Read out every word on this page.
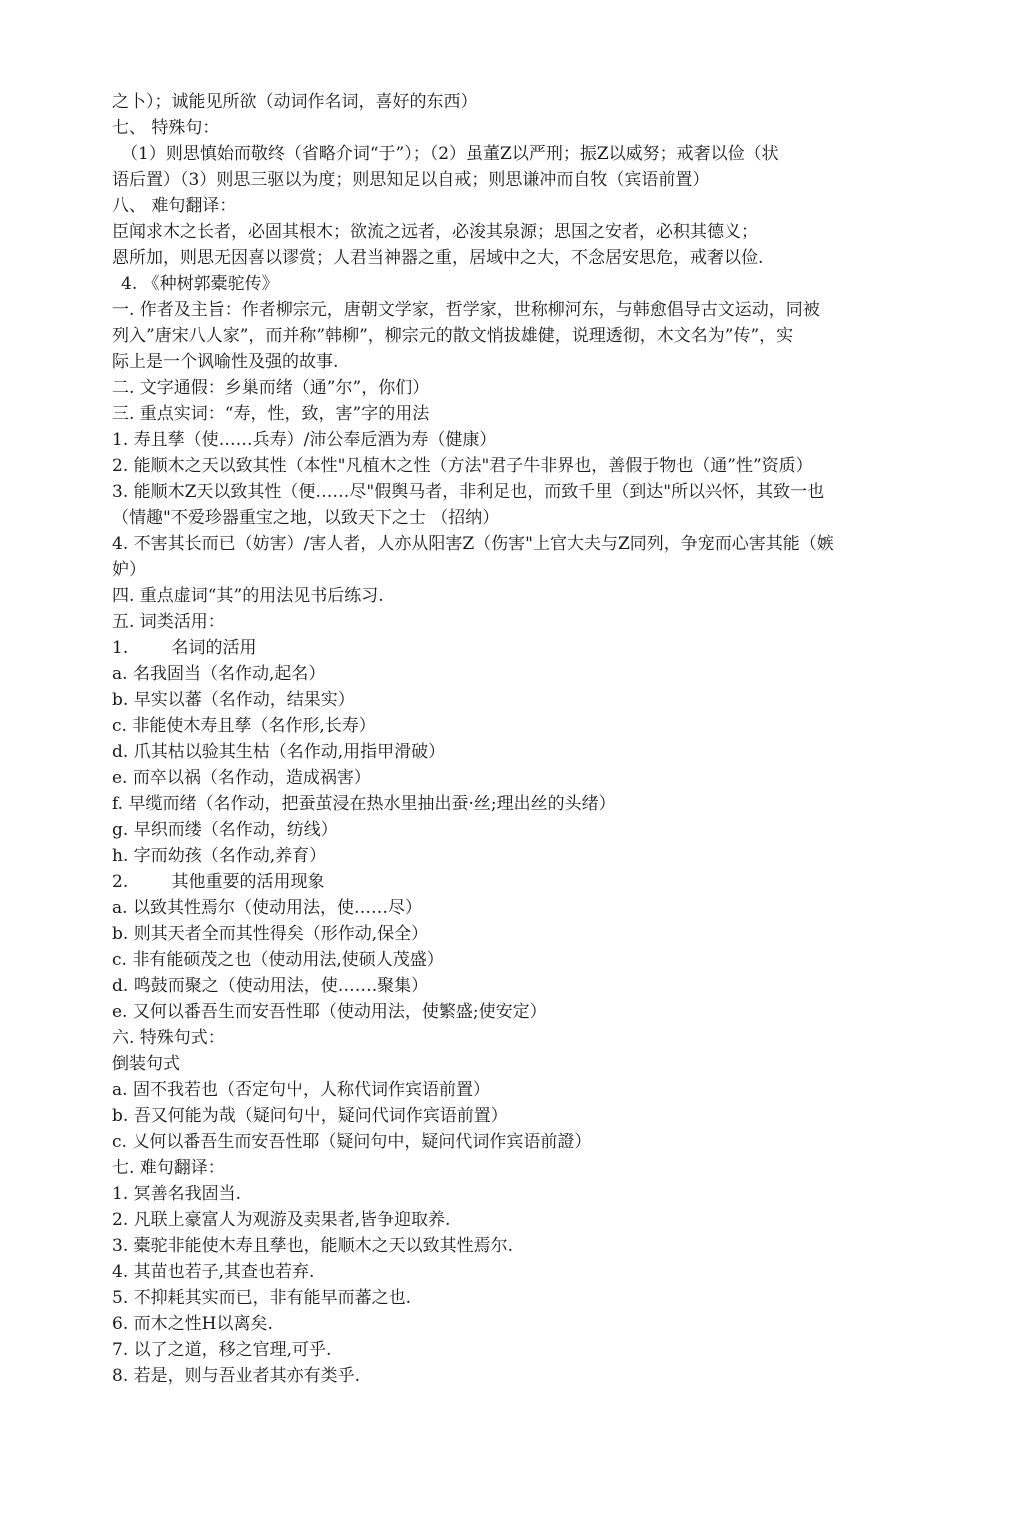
之卜）；诚能见所欲（动词作名词，喜好的东西）
七、 特殊句：
（1）则思慎始而敬终（省略介词“于”）；（2）虽董Z以严刑；振Z以威努；戒奢以俭（状
语后置）（3）则思三驱以为度；则思知足以自戒；则思谦冲而自牧（宾语前置）
八、 难句翻译：
臣闻求木之长者，必固其根木；欲流之远者，必浚其泉源；思国之安者，必积其德义；
恩所加，则思无因喜以谬赏；人君当神器之重，居域中之大，不念居安思危，戒奢以俭.
4. 《种树郭橐驼传》
一. 作者及主旨：作者柳宗元，唐朝文学家，哲学家，世称柳河东，与韩愈倡导古文运动，同被
列入”唐宋八人家”，而并称”韩柳”，柳宗元的散文悄拔雄健，说理透彻，木文名为”传”，实
际上是一个讽喻性及强的故事.
二. 文字通假：乡巢而绪（通”尔”，你们）
三. 重点实词：“寿，性，致，害”字的用法
1. 寿且孳（使……兵寿）/沛公奉卮酒为寿（健康）
2. 能顺木之天以致其性（本性"凡植木之性（方法"君子牛非界也，善假于物也（通”性”资质）
3. 能顺木Z天以致其性（便……尽"假舆马者，非利足也，而致千里（到达"所以兴怀，其致一也
（情趣"不爱珍器重宝之地，以致天下之士 （招纳）
4. 不害其长而已（妨害）/害人者，人亦从阳害Z（伤害"上官大夫与Z同列，争宠而心害其能（嫉
妒）
四. 重点虚词“其”的用法见书后练习.
五. 词类活用：
1.        名词的活用
a. 名我固当（名作动,起名）
b. 早实以蕃（名作动，结果实）
c. 非能使木寿且孳（名作形,长寿）
d. 爪其枯以验其生枯（名作动,用指甲滑破）
e. 而卒以祸（名作动，造成祸害）
f. 早缆而绪（名作动，把蚕茧浸在热水里抽出蚕·丝;理出丝的头绪）
g. 早织而缕（名作动，纺线）
h. 字而幼孩（名作动,养育）
2.        其他重要的活用现象
a. 以致其性焉尔（使动用法，使……尽）
b. 则其天者全而其性得矣（形作动,保全）
c. 非有能硕茂之也（使动用法,使硕人茂盛）
d. 鸣鼓而聚之（使动用法，使…….聚集）
e. 又何以番吾生而安吾性耶（使动用法，使繁盛;使安定）
六. 特殊句式：
倒装句式
a. 固不我若也（否定句屮，人称代词作宾语前置）
b. 吾又何能为哉（疑问句屮，疑问代词作宾语前置）
c. 乂何以番吾生而安吾性耶（疑问句中，疑问代词作宾语前證）
七. 难句翻译：
1. 冥善名我固当.
2. 凡联上豪富人为观游及卖果者,皆争迎取养.
3. 橐驼非能使木寿且孳也，能顺木之天以致其性焉尔.
4. 其苗也若子,其查也若弃.
5. 不抑耗其实而已，非有能早而蕃之也.
6. 而木之性H以离矣.
7. 以了之道，移之官理,可乎.
8. 若是，则与吾业者其亦有类乎.
